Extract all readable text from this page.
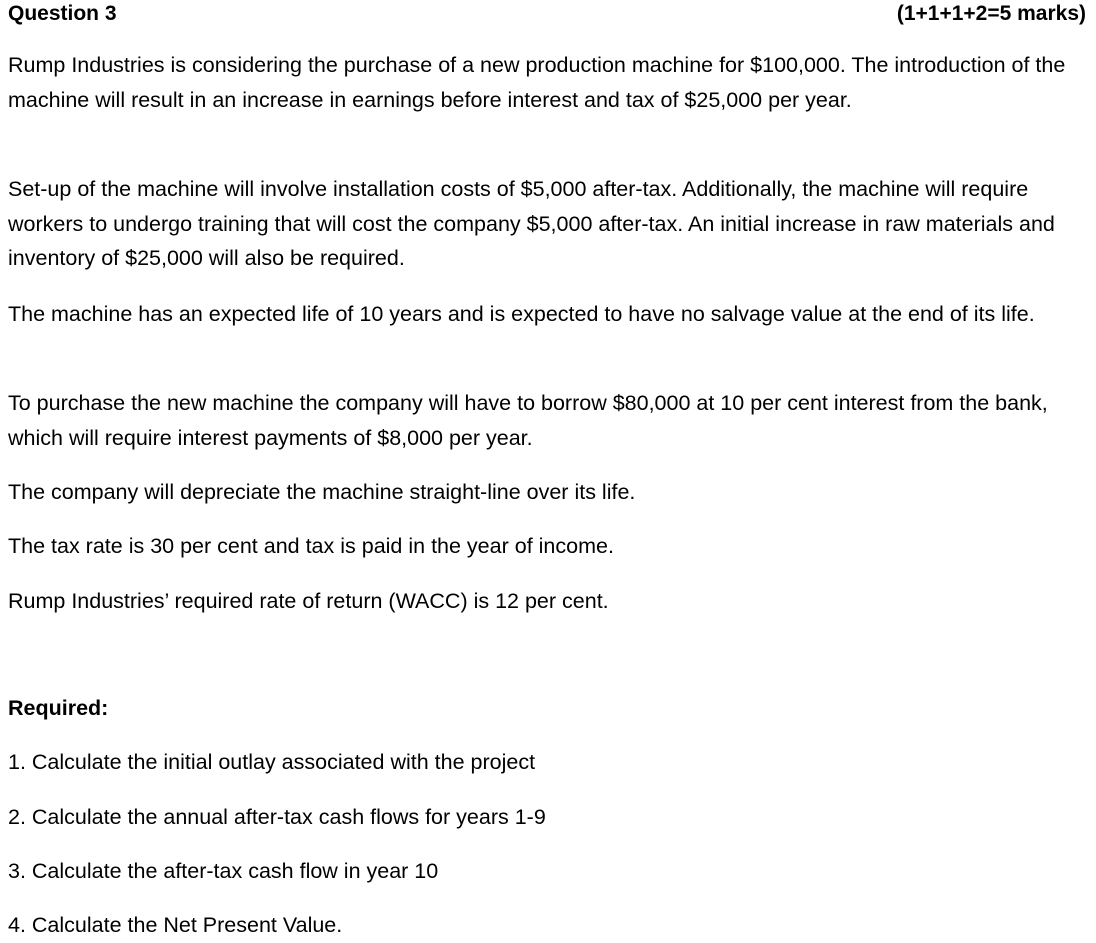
Question 3	(1+1+1+2=5 marks)

Rump Industries is considering the purchase of a new production machine for $100,000. The introduction of the machine will result in an increase in earnings before interest and tax of $25,000 per year.

Set-up of the machine will involve installation costs of $5,000 after-tax. Additionally, the machine will require workers to undergo training that will cost the company $5,000 after-tax. An initial increase in raw materials and inventory of $25,000 will also be required.

The machine has an expected life of 10 years and is expected to have no salvage value at the end of its life.

To purchase the new machine the company will have to borrow $80,000 at 10 per cent interest from the bank, which will require interest payments of $8,000 per year.

The company will depreciate the machine straight-line over its life.

The tax rate is 30 per cent and tax is paid in the year of income.

Rump Industries’ required rate of return (WACC) is 12 per cent.

Required:

1. Calculate the initial outlay associated with the project

2. Calculate the annual after-tax cash flows for years 1-9

3. Calculate the after-tax cash flow in year 10

4. Calculate the Net Present Value.
